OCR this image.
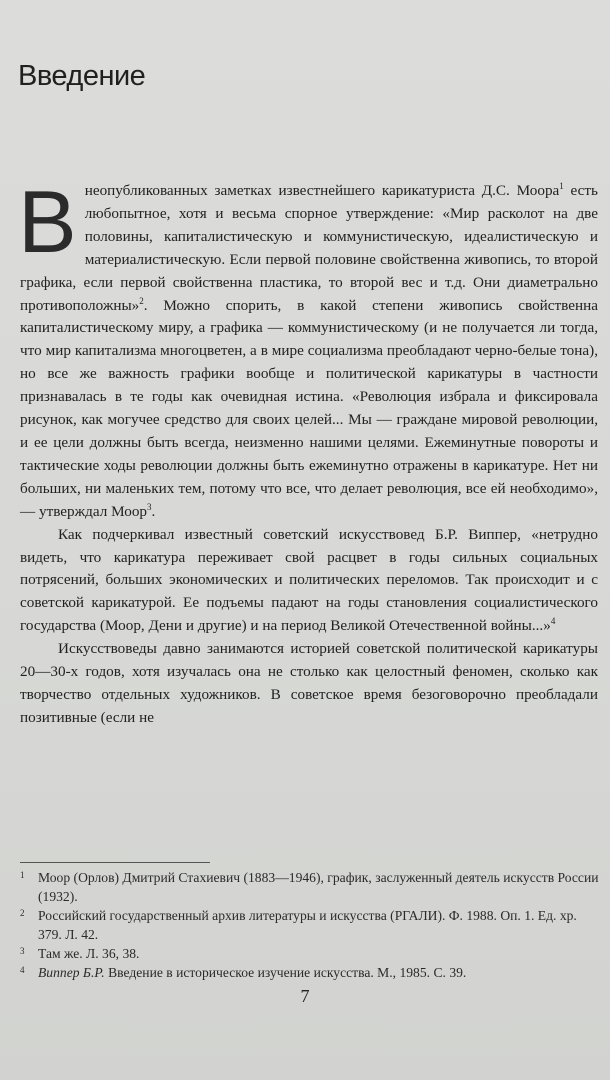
Введение

Внеопубликованных заметках известнейшего карикатуриста Д.С. Моора$^1$ есть любопытное, хотя и весьма спорное утверждение: «Мир расколот на две половины, капиталистическую и коммунистическую, идеалистическую и материалистическую. Если первой половине свойственна живопись, то второй графика, если первой свойственна пластика, то второй вес и т.д. Они диаметрально противоположны»$^2$. Можно спорить, в какой степени живопись свойственна капиталистическому миру, а графика — коммунистическому (и не получается ли тогда, что мир капитализма многоцветен, а в мире социализма преобладают черно-белые тона), но все же важность графики вообще и политической карикатуры в частности признавалась в те годы как очевидная истина. «Революция избрала и фиксировала рисунок, как могучее средство для своих целей... Мы — граждане мировой революции, и ее цели должны быть всегда, неизменно нашими целями. Ежеминутные повороты и тактические ходы революции должны быть ежеминутно отражены в карикатуре. Нет ни больших, ни маленьких тем, потому что все, что делает революция, все ей необходимо», — утверждал Моор$^3$.

Как подчеркивал известный советский искусствовед Б.Р. Виппер, «нетрудно видеть, что карикатура переживает свой расцвет в годы сильных социальных потрясений, больших экономических и политических переломов. Так происходит и с советской карикатурой. Ее подъемы падают на годы становления социалистического государства (Моор, Дени и другие) и на период Великой Отечественной войны...»$^4$

Искусствоведы давно занимаются историей советской политической карикатуры 20—30-х годов, хотя изучалась она не столько как целостный феномен, сколько как творчество отдельных художников. В советское время безоговорочно преобладали позитивные (если не

1 Моор (Орлов) Дмитрий Стахиевич (1883—1946), график, заслуженный деятель искусств России (1932).
2 Российский государственный архив литературы и искусства (РГАЛИ). Ф. 1988. Оп. 1. Ед. хр. 379. Л. 42.
3 Там же. Л. 36, 38.
4 Виппер Б.Р. Введение в историческое изучение искусства. М., 1985. С. 39.
7
